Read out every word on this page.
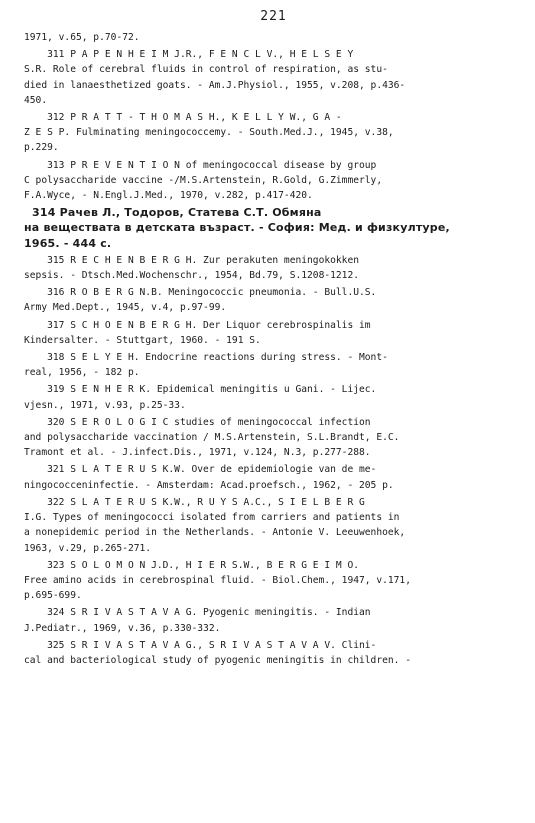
221
1971, v.65, p.70-72.
311 P A P E N H E I M J.R., F E N C L V., H E L S E Y
S.R. Role of cerebral fluids in control of respiration, as stu-
died in lanaesthetized goats. - Am.J.Physiol., 1955, v.208, p.436-
450.
312 P R A T T - T H O M A S H., K E L L Y W., G A -
Z E S P. Fulminating meningococcemy. - South.Med.J., 1945, v.38,
p.229.
313 P R E V E N T I O N of meningococcal disease by group
C polysaccharide vaccine -/M.S.Artenstein, R.Gold, G.Zimmerly,
F.A.Wyce, - N.Engl.J.Med., 1970, v.282, p.417-420.
314 Рачев Л., Тодоров, Статева С.Т. Обмяна
на веществата в детската възраст. - София: Мед. и физкултуре,
1965. - 444 с.
315 R E C H E N B E R G H. Zur perakuten meningokokken
sepsis. - Dtsch.Med.Wochenschr., 1954, Bd.79, S.1208-1212.
316 R O B E R G N.B. Meningococcic pneumonia. - Bull.U.S.
Army Med.Dept., 1945, v.4, p.97-99.
317 S C H O E N B E R G H. Der Liquor cerebrospinalis im
Kindersalter. - Stuttgart, 1960. - 191 S.
318 S E L Y E H. Endocrine reactions during stress. - Mont-
real, 1956, - 182 p.
319 S E N H E R K. Epidemical meningitis u Gani. - Lijec.
vjesn., 1971, v.93, p.25-33.
320 S E R O L O G I C studies of meningococcal infection
and polysaccharide vaccination / M.S.Artenstein, S.L.Brandt, E.C.
Tramont et al. - J.infect.Dis., 1971, v.124, N.3, p.277-288.
321 S L A T E R U S K.W. Over de epidemiologie van de me-
ningococceninfectie. - Amsterdam: Acad.proefsch., 1962, - 205 p.
322 S L A T E R U S K.W., R U Y S A.C., S I E L B E R G
I.G. Types of meningococci isolated from carriers and patients in
a nonepidemic period in the Netherlands. - Antonie V. Leeuwenhoek,
1963, v.29, p.265-271.
323 S O L O M O N J.D., H I E R S.W., B E R G E I M O.
Free amino acids in cerebrospinal fluid. - Biol.Chem., 1947, v.171,
p.695-699.
324 S R I V A S T A V A G. Pyogenic meningitis. - Indian
J.Pediatr., 1969, v.36, p.330-332.
325 S R I V A S T A V A G., S R I V A S T A V A V. Clini-
cal and bacteriological study of pyogenic meningitis in children. -
